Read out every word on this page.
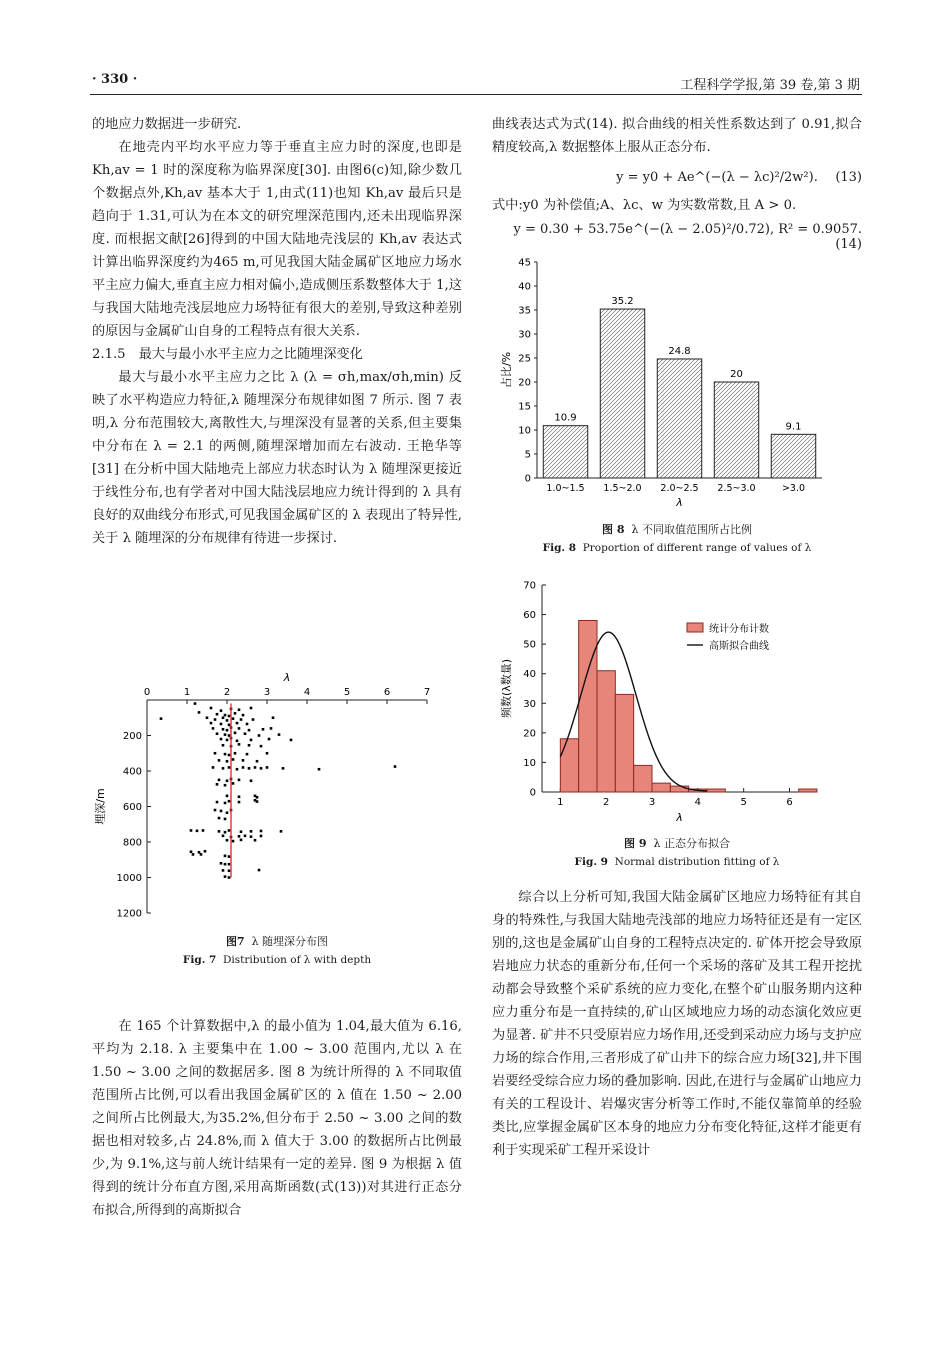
· 330 ·	工程科学学报,第 39 卷,第 3 期

的地应力数据进一步研究.

在地壳内平均水平应力等于垂直主应力时的深度,也即是 Kh,av = 1 时的深度称为临界深度[30]. 由图6(c)知,除少数几个数据点外,Kh,av 基本大于 1,由式(11)也知 Kh,av 最后只是趋向于 1.31,可认为在本文的研究埋深范围内,还未出现临界深度. 而根据文献[26]得到的中国大陆地壳浅层的 Kh,av 表达式计算出临界深度约为465 m,可见我国大陆金属矿区地应力场水平主应力偏大,垂直主应力相对偏小,造成侧压系数整体大于 1,这与我国大陆地壳浅层地应力场特征有很大的差别,导致这种差别的原因与金属矿山自身的工程特点有很大关系.

2.1.5　最大与最小水平主应力之比随埋深变化

最大与最小水平主应力之比 λ (λ = σh,max/σh,min) 反映了水平构造应力特征,λ 随埋深分布规律如图 7 所示. 图 7 表明,λ 分布范围较大,离散性大,与埋深没有显著的关系,但主要集中分布在 λ = 2.1 的两侧,随埋深增加而左右波动. 王艳华等[31] 在分析中国大陆地壳上部应力状态时认为 λ 随埋深更接近于线性分布,也有学者对中国大陆浅层地应力统计得到的 λ 具有良好的双曲线分布形式,可见我国金属矿区的 λ 表现出了特异性,关于 λ 随埋深的分布规律有待进一步探讨.

0	1	2	3	4	5	6	7
200
400
600
800
1000
1200
λ
埋深/m
图7 λ 随埋深分布图
Fig. 7 Distribution of λ with depth

在 165 个计算数据中,λ 的最小值为 1.04,最大值为 6.16,平均为 2.18. λ 主要集中在 1.00 ~ 3.00 范围内,尤以 λ 在 1.50 ~ 3.00 之间的数据居多. 图 8 为统计所得的 λ 不同取值范围所占比例,可以看出我国金属矿区的 λ 值在 1.50 ~ 2.00 之间所占比例最大,为35.2%,但分布于 2.50 ~ 3.00 之间的数据也相对较多,占 24.8%,而 λ 值大于 3.00 的数据所占比例最少,为 9.1%,这与前人统计结果有一定的差异. 图 9 为根据 λ 值得到的统计分布直方图,采用高斯函数(式(13))对其进行正态分布拟合,所得到的高斯拟合

曲线表达式为式(14). 拟合曲线的相关性系数达到了 0.91,拟合精度较高,λ 数据整体上服从正态分布.

y = y0 + Ae^(−(λ − λc)²/2w²). (13)

式中:y0 为补偿值;A、λc、w 为实数常数,且 A > 0.

y = 0.30 + 53.75e^(−(λ − 2.05)²/0.72), R² = 0.9057. (14)
0
5
10
15
20
25
30
35
40
45
占比/%
10.9
1.0~1.5
35.2
1.5~2.0
24.8
2.0~2.5
20
2.5~3.0
9.1
>3.0
λ
图 8 λ 不同取值范围所占比例
Fig. 8 Proportion of different range of values of λ
0
10
20
30
40
50
60
70
1	2	3	4	5	6
λ
频数(λ数量)
统计分布计数
高斯拟合曲线
图 9 λ 正态分布拟合
Fig. 9 Normal distribution fitting of λ

综合以上分析可知,我国大陆金属矿区地应力场特征有其自身的特殊性,与我国大陆地壳浅部的地应力场特征还是有一定区别的,这也是金属矿山自身的工程特点决定的. 矿体开挖会导致原岩地应力状态的重新分布,任何一个采场的落矿及其工程开挖扰动都会导致整个采矿系统的应力变化,在整个矿山服务期内这种应力重分布是一直持续的,矿山区域地应力场的动态演化效应更为显著. 矿井不只受原岩应力场作用,还受到采动应力场与支护应力场的综合作用,三者形成了矿山井下的综合应力场[32],井下围岩要经受综合应力场的叠加影响. 因此,在进行与金属矿山地应力有关的工程设计、岩爆灾害分析等工作时,不能仅靠简单的经验类比,应掌握金属矿区本身的地应力分布变化特征,这样才能更有利于实现采矿工程开采设计
